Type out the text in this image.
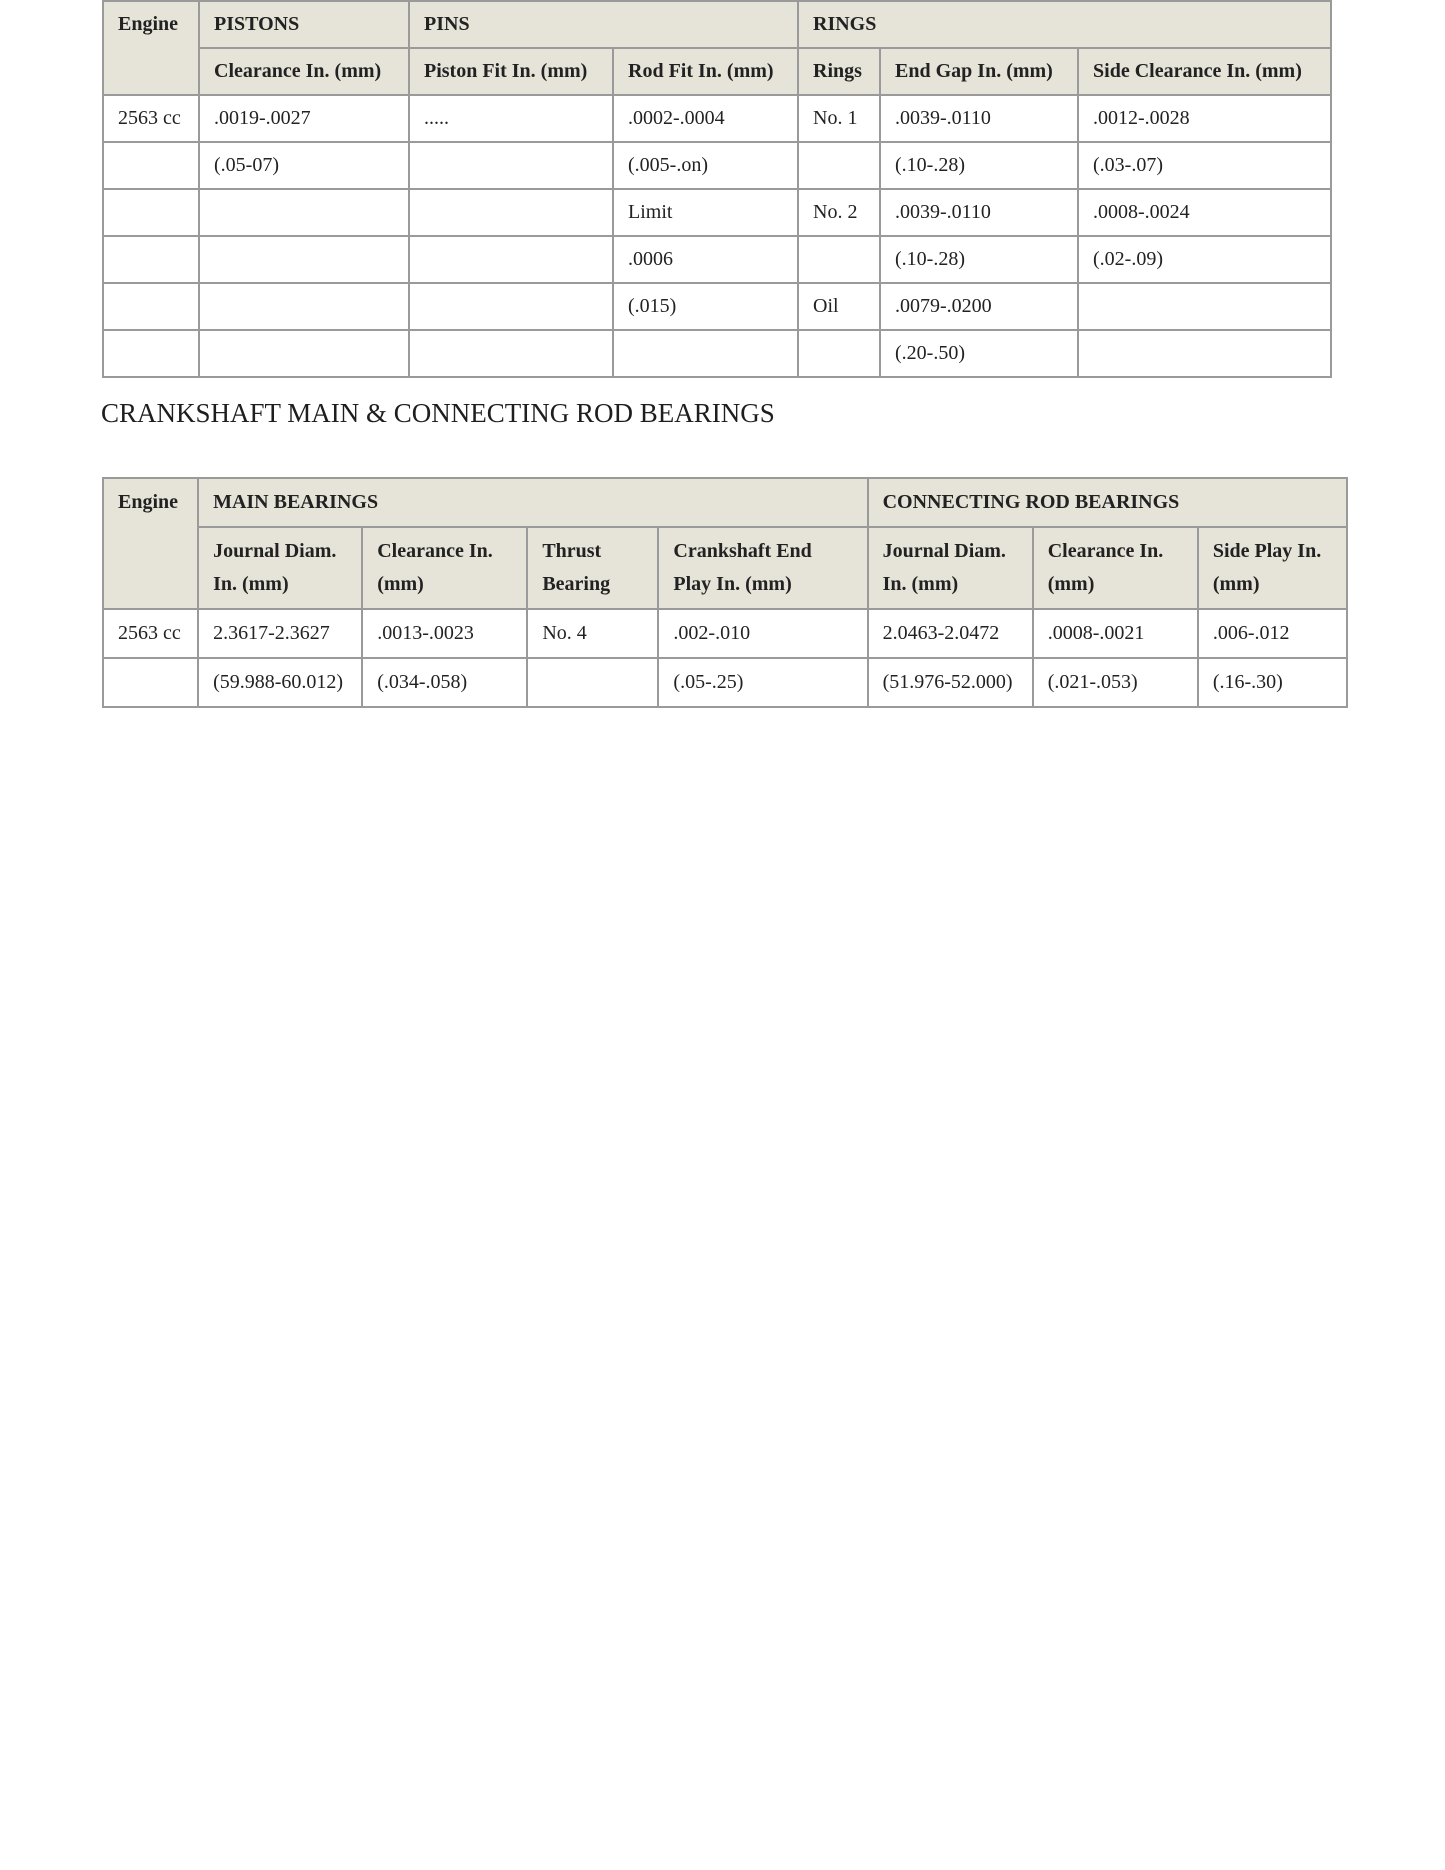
Engine	PISTONS	PINS		RINGS		
	Clearance In. (mm)	Piston Fit In. (mm)	Rod Fit In. (mm)	Rings	End Gap In. (mm)	Side Clearance In. (mm)
2563 cc	.0019-.0027	.....	.0002-.0004	No. 1	.0039-.0110	.0012-.0028
	(.05-07)		(.005-.on)		(.10-.28)	(.03-.07)
			Limit	No. 2	.0039-.0110	.0008-.0024
			.0006		(.10-.28)	(.02-.09)
			(.015)	Oil	.0079-.0200	
					(.20-.50)	
CRANKSHAFT MAIN & CONNECTING ROD BEARINGS
Engine	MAIN BEARINGS				CONNECTING ROD BEARINGS		
	Journal Diam. In. (mm)	Clearance In. (mm)	Thrust Bearing	Crankshaft End Play In. (mm)	Journal Diam. In. (mm)	Clearance In. (mm)	Side Play In. (mm)
2563 cc	2.3617-2.3627	.0013-.0023	No. 4	.002-.010	2.0463-2.0472	.0008-.0021	.006-.012
	(59.988-60.012)	(.034-.058)		(.05-.25)	(51.976-52.000)	(.021-.053)	(.16-.30)
